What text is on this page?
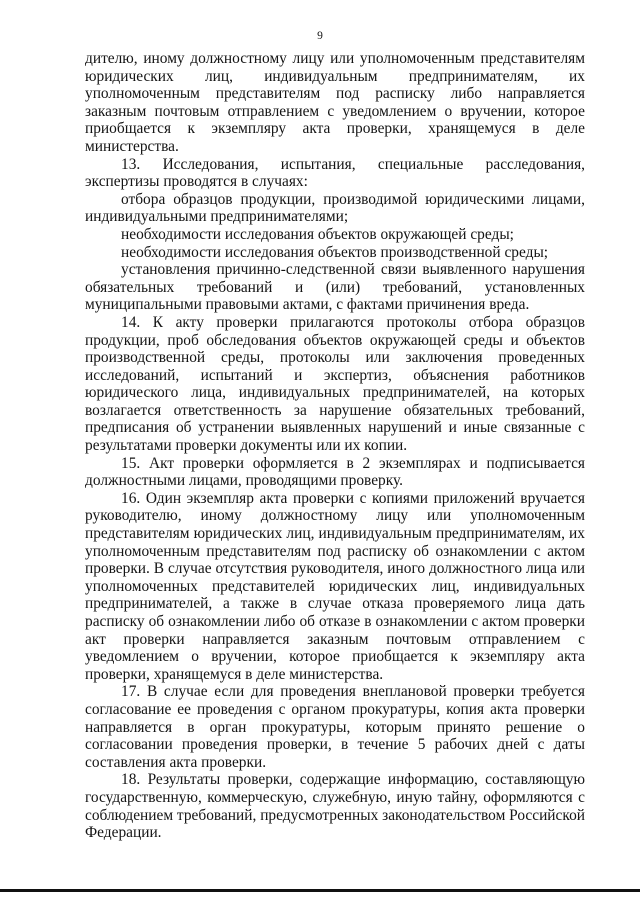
9

дителю, иному должностному лицу или уполномоченным представителям юридических лиц, индивидуальным предпринимателям, их уполномоченным представителям под расписку либо направляется заказным почтовым отправлением с уведомлением о вручении, которое приобщается к экземпляру акта проверки, хранящемуся в деле министерства.

13. Исследования, испытания, специальные расследования, экспертизы проводятся в случаях:

отбора образцов продукции, производимой юридическими лицами, индивидуальными предпринимателями;

необходимости исследования объектов окружающей среды;

необходимости исследования объектов производственной среды;

установления причинно-следственной связи выявленного нарушения обязательных требований и (или) требований, установленных муниципальными правовыми актами, с фактами причинения вреда.

14. К акту проверки прилагаются протоколы отбора образцов продукции, проб обследования объектов окружающей среды и объектов производственной среды, протоколы или заключения проведенных исследований, испытаний и экспертиз, объяснения работников юридического лица, индивидуальных предпринимателей, на которых возлагается ответственность за нарушение обязательных требований, предписания об устранении выявленных нарушений и иные связанные с результатами проверки документы или их копии.

15. Акт проверки оформляется в 2 экземплярах и подписывается должностными лицами, проводящими проверку.

16. Один экземпляр акта проверки с копиями приложений вручается руководителю, иному должностному лицу или уполномоченным представителям юридических лиц, индивидуальным предпринимателям, их уполномоченным представителям под расписку об ознакомлении с актом проверки. В случае отсутствия руководителя, иного должностного лица или уполномоченных представителей юридических лиц, индивидуальных предпринимателей, а также в случае отказа проверяемого лица дать расписку об ознакомлении либо об отказе в ознакомлении с актом проверки акт проверки направляется заказным почтовым отправлением с уведомлением о вручении, которое приобщается к экземпляру акта проверки, хранящемуся в деле министерства.

17. В случае если для проведения внеплановой проверки требуется согласование ее проведения с органом прокуратуры, копия акта проверки направляется в орган прокуратуры, которым принято решение о согласовании проведения проверки, в течение 5 рабочих дней с даты составления акта проверки.

18. Результаты проверки, содержащие информацию, составляющую государственную, коммерческую, служебную, иную тайну, оформляются с соблюдением требований, предусмотренных законодательством Российской Федерации.
